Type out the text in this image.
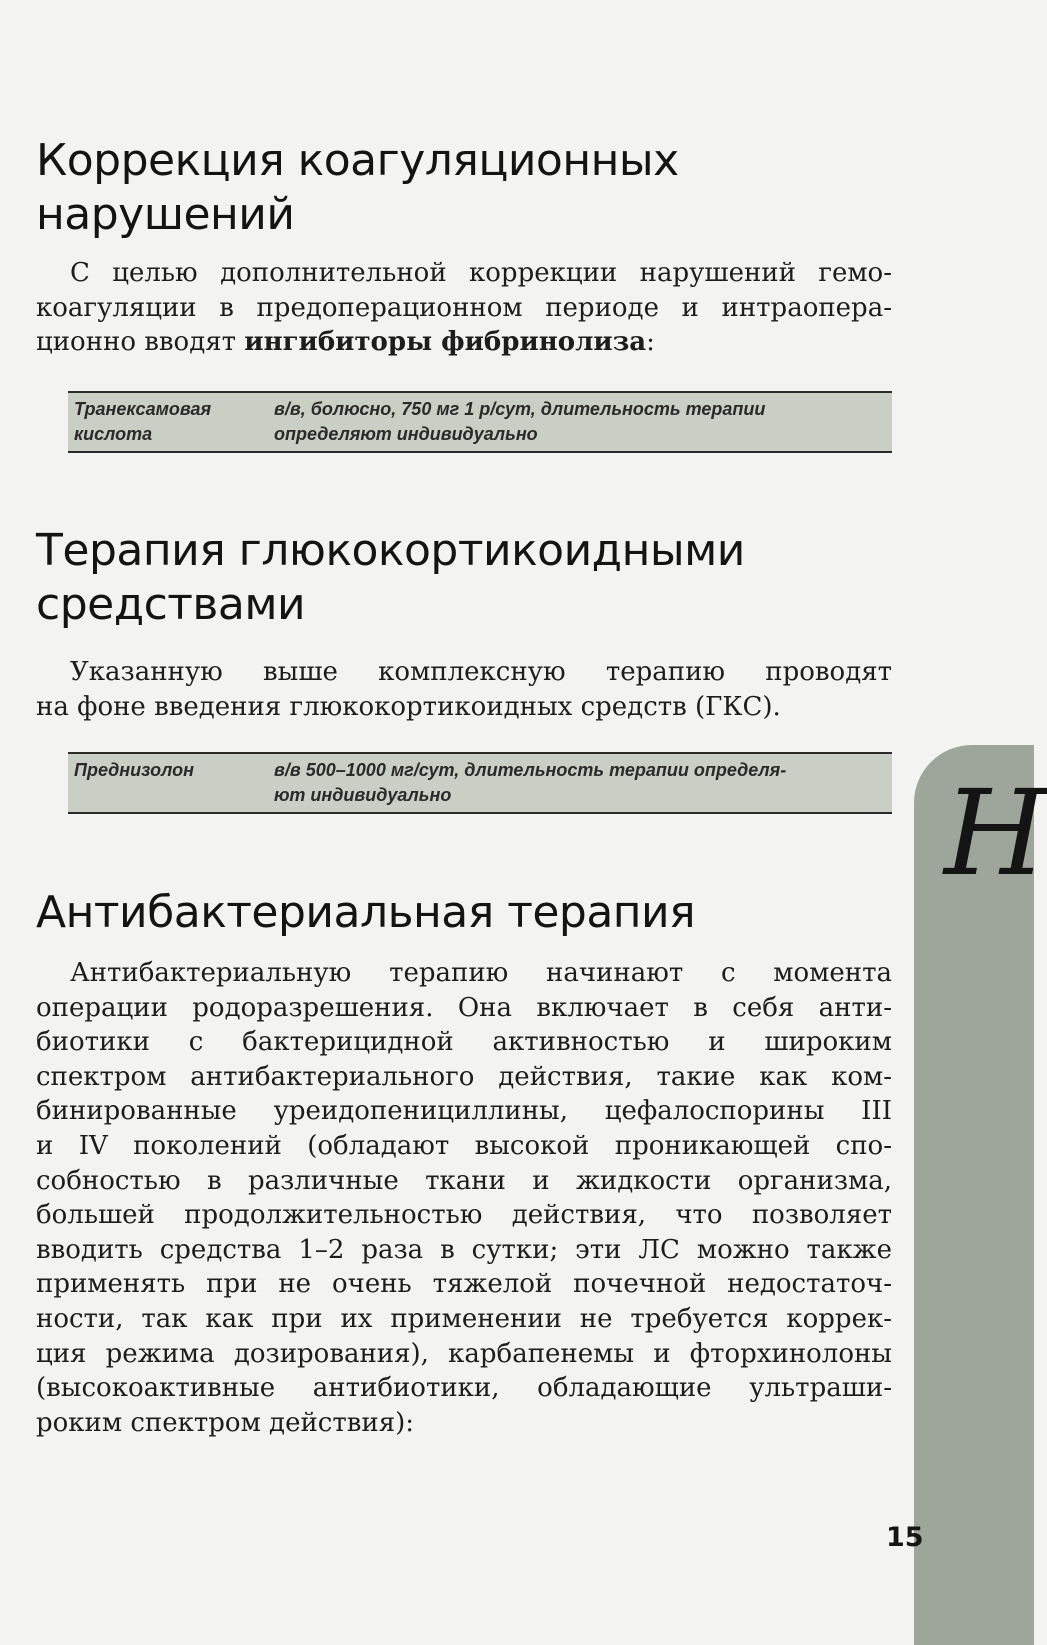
Коррекция коагуляционных
нарушений

С целью дополнительной коррекции нарушений гемо-
коагуляции в предоперационном периоде и интраопера-
ционно вводят ингибиторы фибринолиза:

Транексамовая
кислота
в/в, болюсно, 750 мг 1 р/сут, длительность терапии
определяют индивидуально
Терапия глюкокортикоидными
средствами

Указанную выше комплексную терапию проводят
на фоне введения глюкокортикоидных средств (ГКС).

Преднизолон	в/в 500–1000 мг/сут, длительность терапии определя-
ют индивидуально
Антибактериальная терапия

Антибактериальную терапию начинают с момента
операции родоразрешения. Она включает в себя анти-
биотики с бактерицидной активностью и широким
спектром антибактериального действия, такие как ком-
бинированные уреидопенициллины, цефалоспорины III
и IV поколений (обладают высокой проникающей спо-
собностью в различные ткани и жидкости организма,
большей продолжительностью действия, что позволяет
вводить средства 1–2 раза в сутки; эти ЛС можно также
применять при не очень тяжелой почечной недостаточ-
ности, так как при их применении не требуется коррек-
ция режима дозирования), карбапенемы и фторхинолоны
(высокоактивные антибиотики, обладающие ультраши-
роким спектром действия):

Н
15
